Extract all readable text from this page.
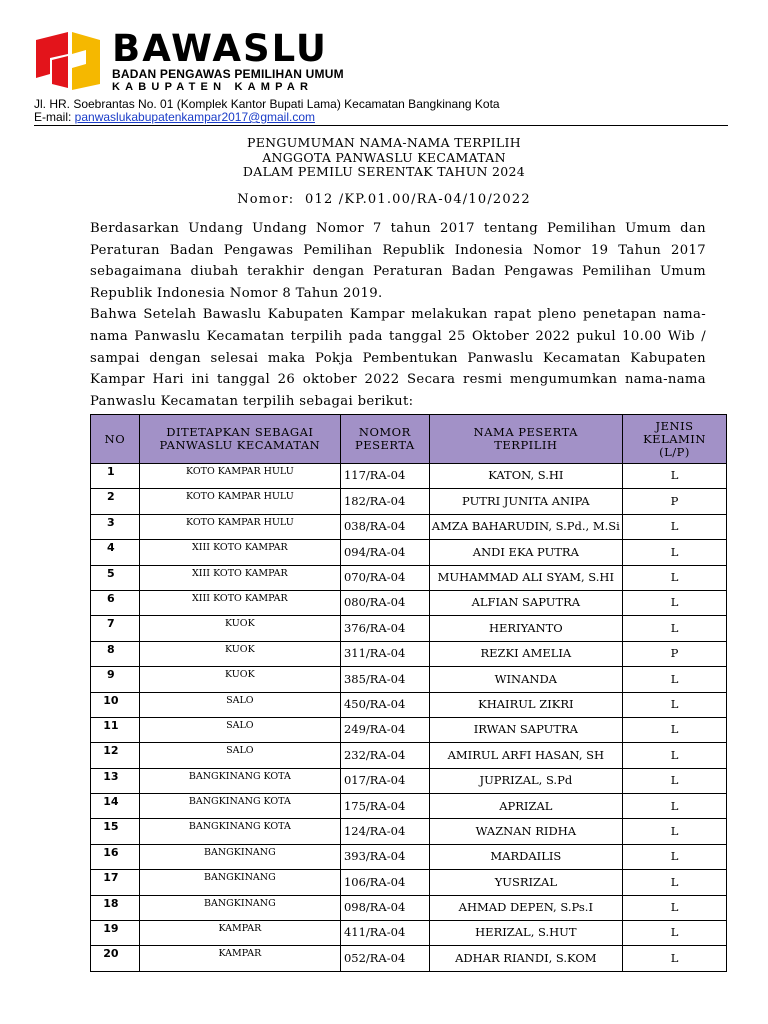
BAWASLU
BADAN PENGAWAS PEMILIHAN UMUM
KABUPATEN KAMPAR
Jl. HR. Soebrantas No. 01 (Komplek Kantor Bupati Lama) Kecamatan Bangkinang Kota
E-mail: panwaslukabupatenkampar2017@gmail.com
PENGUMUMAN NAMA-NAMA TERPILIH
ANGGOTA PANWASLU KECAMATAN
DALAM PEMILU SERENTAK TAHUN 2024
Nomor:  012 /KP.01.00/RA-04/10/2022

Berdasarkan Undang Undang Nomor 7 tahun 2017 tentang Pemilihan Umum dan Peraturan Badan Pengawas Pemilihan Republik Indonesia Nomor 19 Tahun 2017 sebagaimana diubah terakhir dengan Peraturan Badan Pengawas Pemilihan Umum Republik Indonesia Nomor 8 Tahun 2019.

Bahwa Setelah Bawaslu Kabupaten Kampar melakukan rapat pleno penetapan nama-nama Panwaslu Kecamatan terpilih pada tanggal 25 Oktober 2022 pukul 10.00 Wib / sampai dengan selesai maka Pokja Pembentukan Panwaslu Kecamatan Kabupaten Kampar Hari ini tanggal 26 oktober 2022 Secara resmi mengumumkan nama-nama Panwaslu Kecamatan terpilih sebagai berikut:

NO	DITETAPKAN SEBAGAI PANWASLU KECAMATAN	NOMOR PESERTA	NAMA PESERTA TERPILIH	JENIS KELAMIN (L/P)
1	KOTO KAMPAR HULU	117/RA-04	KATON, S.HI	L
2	KOTO KAMPAR HULU	182/RA-04	PUTRI JUNITA ANIPA	P
3	KOTO KAMPAR HULU	038/RA-04	AMZA BAHARUDIN, S.Pd., M.Si	L
4	XIII KOTO KAMPAR	094/RA-04	ANDI EKA PUTRA	L
5	XIII KOTO KAMPAR	070/RA-04	MUHAMMAD ALI SYAM, S.HI	L
6	XIII KOTO KAMPAR	080/RA-04	ALFIAN SAPUTRA	L
7	KUOK	376/RA-04	HERIYANTO	L
8	KUOK	311/RA-04	REZKI AMELIA	P
9	KUOK	385/RA-04	WINANDA	L
10	SALO	450/RA-04	KHAIRUL ZIKRI	L
11	SALO	249/RA-04	IRWAN SAPUTRA	L
12	SALO	232/RA-04	AMIRUL ARFI HASAN, SH	L
13	BANGKINANG KOTA	017/RA-04	JUPRIZAL, S.Pd	L
14	BANGKINANG KOTA	175/RA-04	APRIZAL	L
15	BANGKINANG KOTA	124/RA-04	WAZNAN RIDHA	L
16	BANGKINANG	393/RA-04	MARDAILIS	L
17	BANGKINANG	106/RA-04	YUSRIZAL	L
18	BANGKINANG	098/RA-04	AHMAD DEPEN, S.Ps.I	L
19	KAMPAR	411/RA-04	HERIZAL, S.HUT	L
20	KAMPAR	052/RA-04	ADHAR RIANDI, S.KOM	L
